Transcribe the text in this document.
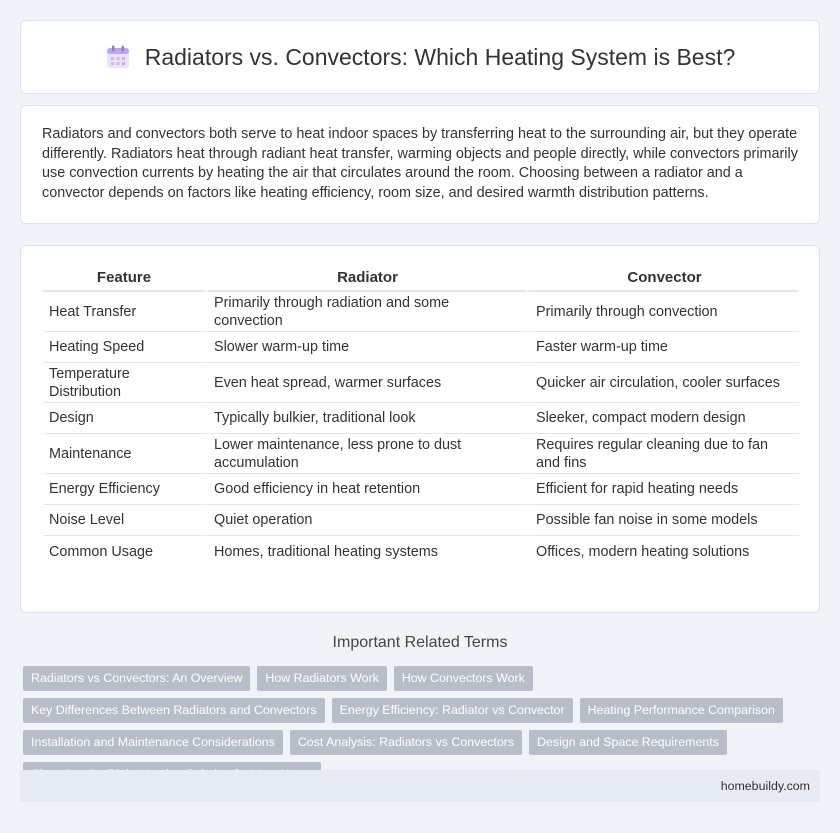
Radiators vs. Convectors: Which Heating System is Best?

Radiators and convectors both serve to heat indoor spaces by transferring heat to the surrounding air, but they operate differently. Radiators heat through radiant heat transfer, warming objects and people directly, while convectors primarily use convection currents by heating the air that circulates around the room. Choosing between a radiator and a convector depends on factors like heating efficiency, room size, and desired warmth distribution patterns.

Feature	Radiator	Convector
Heat Transfer	Primarily through radiation and some convection	Primarily through convection
Heating Speed	Slower warm-up time	Faster warm-up time
Temperature Distribution	Even heat spread, warmer surfaces	Quicker air circulation, cooler surfaces
Design	Typically bulkier, traditional look	Sleeker, compact modern design
Maintenance	Lower maintenance, less prone to dust accumulation	Requires regular cleaning due to fan and fins
Energy Efficiency	Good efficiency in heat retention	Efficient for rapid heating needs
Noise Level	Quiet operation	Possible fan noise in some models
Common Usage	Homes, traditional heating systems	Offices, modern heating solutions
Important Related Terms
Radiators vs Convectors: An Overview	How Radiators Work	How Convectors Work
Key Differences Between Radiators and Convectors	Energy Efficiency: Radiator vs Convector	Heating Performance Comparison
Installation and Maintenance Considerations	Cost Analysis: Radiators vs Convectors	Design and Space Requirements
homebuildy.com
